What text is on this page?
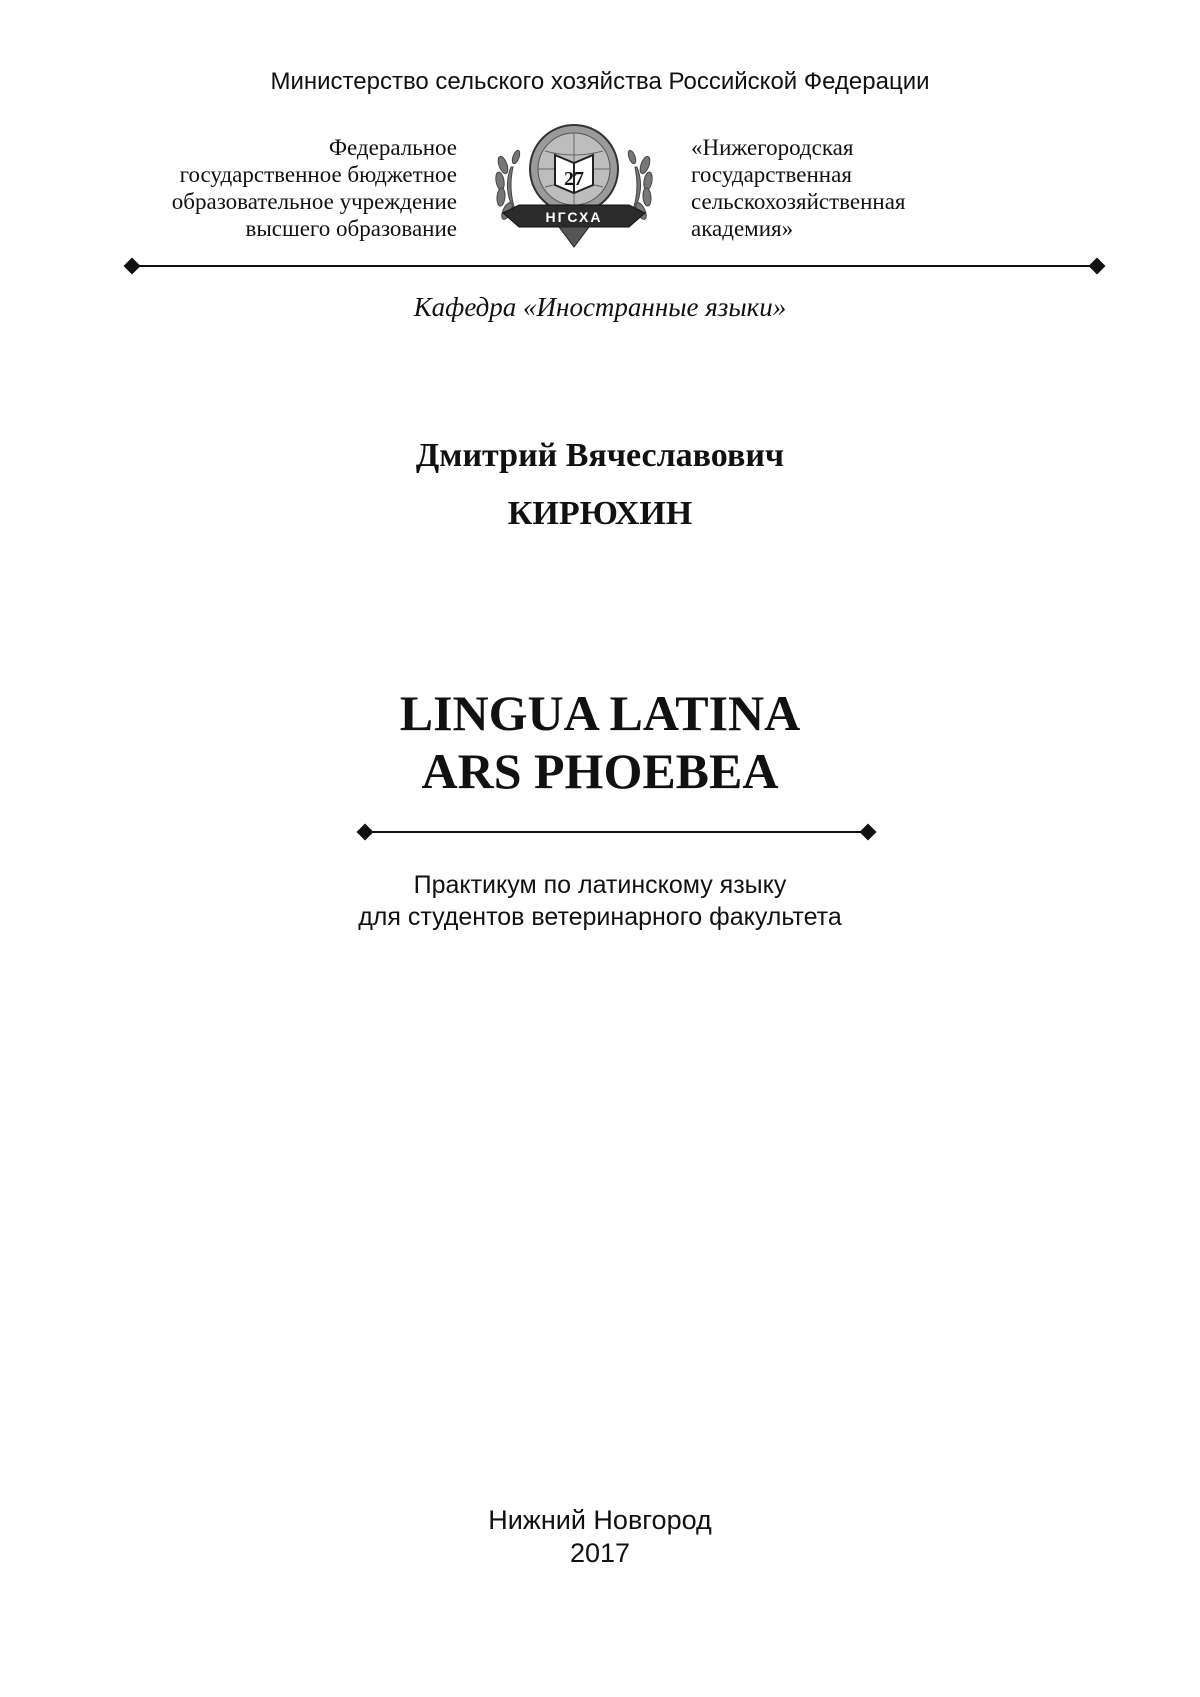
Министерство сельского хозяйства Российской Федерации
Федеральное
государственное бюджетное
образовательное учреждение
высшего образование
27
НГСХА
«Нижегородская
государственная
сельскохозяйственная
академия»
Кафедра «Иностранные языки»
Дмитрий Вячеславович
КИРЮХИН
LINGUA LATINA
ARS PHOEBEA
Практикум по латинскому языку
для студентов ветеринарного факультета
Нижний Новгород
2017
